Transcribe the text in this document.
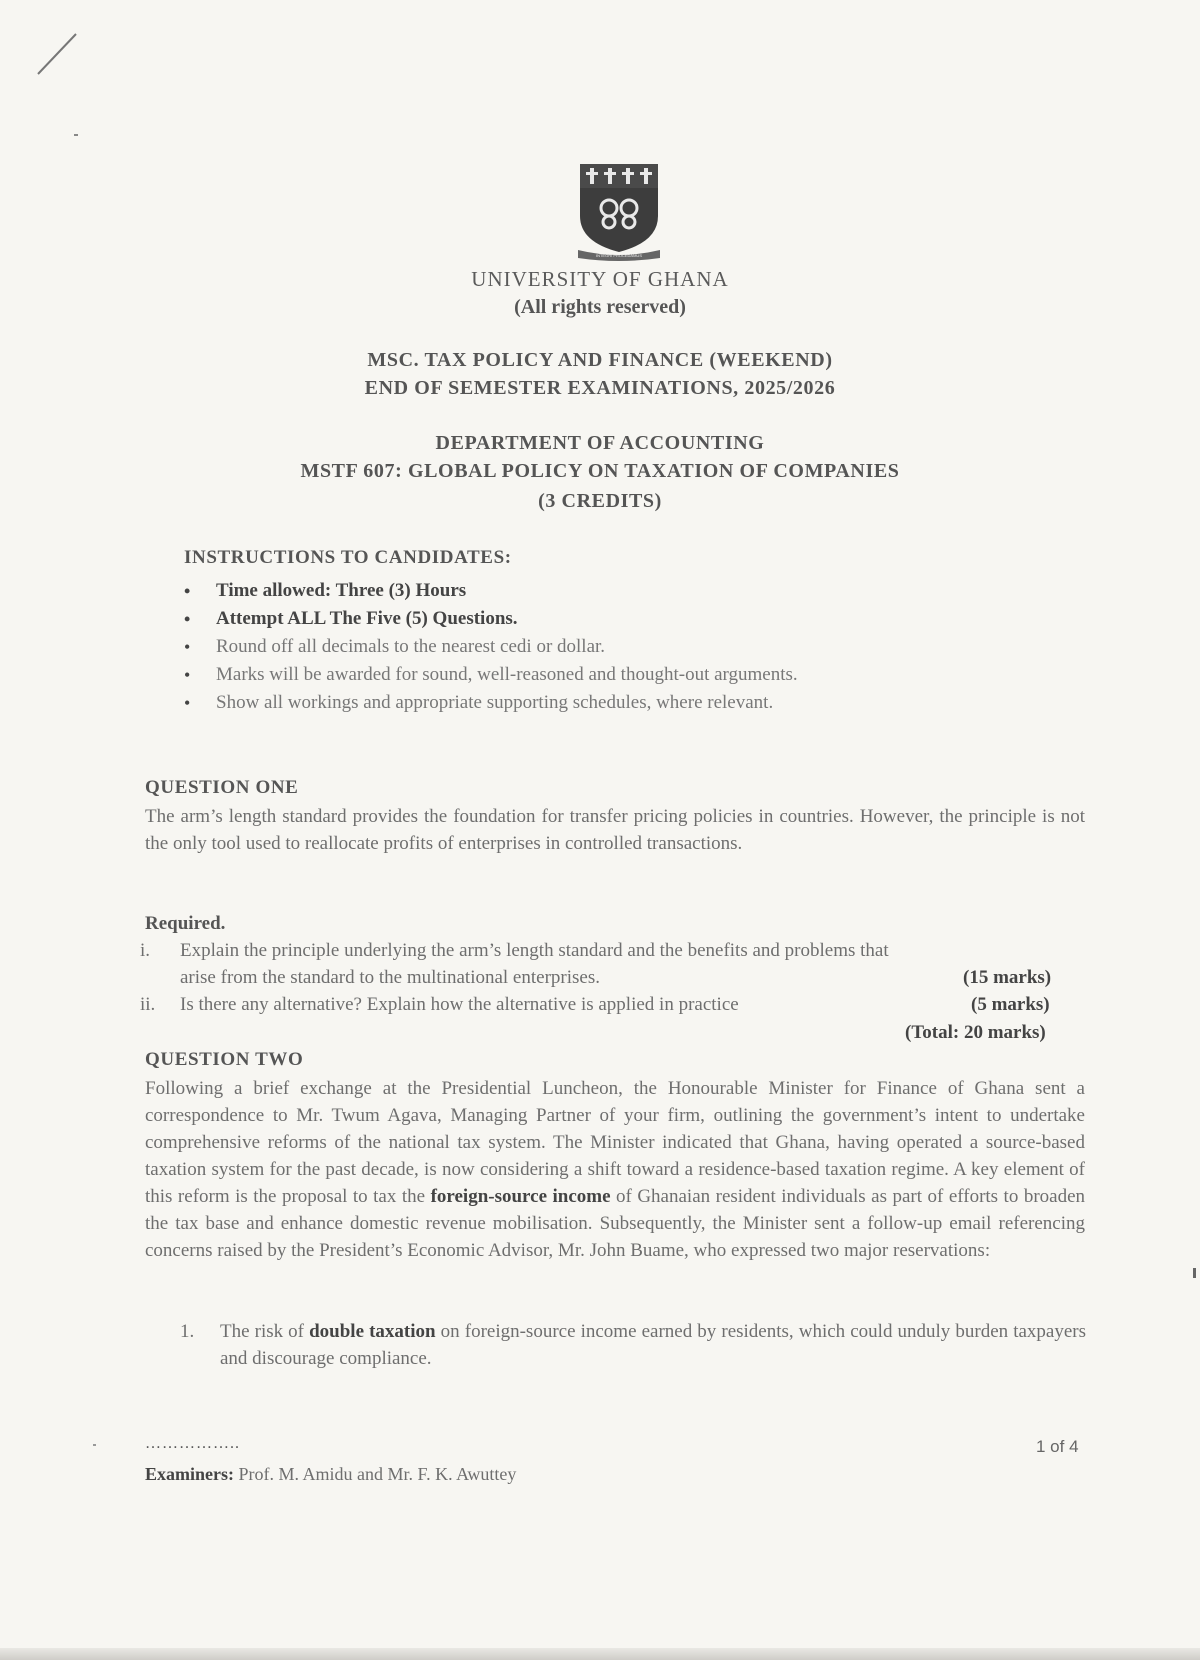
INTEGRI PROCEDAMUS
UNIVERSITY OF GHANA
(All rights reserved)
MSC. TAX POLICY AND FINANCE (WEEKEND)
END OF SEMESTER EXAMINATIONS, 2025/2026
DEPARTMENT OF ACCOUNTING
MSTF 607: GLOBAL POLICY ON TAXATION OF COMPANIES
(3 CREDITS)
INSTRUCTIONS TO CANDIDATES:
• Time allowed: Three (3) Hours
• Attempt ALL The Five (5) Questions.
• Round off all decimals to the nearest cedi or dollar.
• Marks will be awarded for sound, well-reasoned and thought-out arguments.
• Show all workings and appropriate supporting schedules, where relevant.
QUESTION ONE
The arm’s length standard provides the foundation for transfer pricing policies in countries. However, the principle is not the only tool used to reallocate profits of enterprises in controlled transactions.
Required.
i.	Explain the principle underlying the arm’s length standard and the benefits and problems that
arise from the standard to the multinational enterprises.	(15 marks)
ii.	Is there any alternative? Explain how the alternative is applied in practice	(5 marks)
(Total: 20 marks)
QUESTION TWO
Following a brief exchange at the Presidential Luncheon, the Honourable Minister for Finance of Ghana sent a correspondence to Mr. Twum Agava, Managing Partner of your firm, outlining the government’s intent to undertake comprehensive reforms of the national tax system. The Minister indicated that Ghana, having operated a source-based taxation system for the past decade, is now considering a shift toward a residence-based taxation regime. A key element of this reform is the proposal to tax the foreign-source income of Ghanaian resident individuals as part of efforts to broaden the tax base and enhance domestic revenue mobilisation. Subsequently, the Minister sent a follow-up email referencing concerns raised by the President’s Economic Advisor, Mr. John Buame, who expressed two major reservations:
1. The risk of double taxation on foreign-source income earned by residents, which could unduly burden taxpayers and discourage compliance.
……………..	1 of 4
Examiners: Prof. M. Amidu and Mr. F. K. Awuttey
